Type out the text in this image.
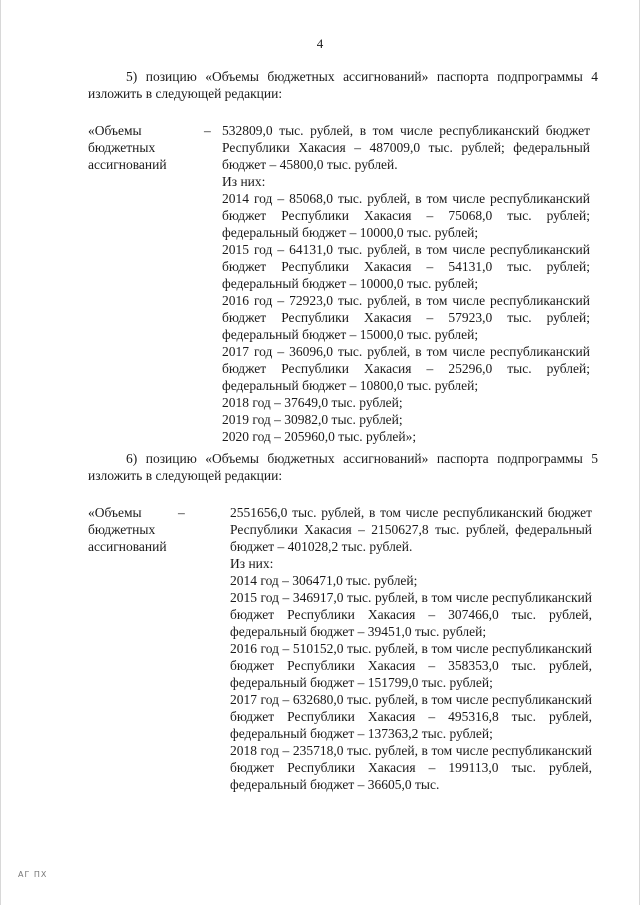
4
5) позицию «Объемы бюджетных ассигнований» паспорта подпрограммы 4 изложить в следующей редакции:
«Объемы бюджетных ассигнований
– 532809,0 тыс. рублей, в том числе республиканский бюджет Республики Хакасия – 487009,0 тыс. рублей; федеральный бюджет – 45800,0 тыс. рублей.
Из них:
2014 год – 85068,0 тыс. рублей, в том числе республиканский бюджет Республики Хакасия – 75068,0 тыс. рублей; федеральный бюджет – 10000,0 тыс. рублей;
2015 год – 64131,0 тыс. рублей, в том числе республиканский бюджет Республики Хакасия – 54131,0 тыс. рублей; федеральный бюджет – 10000,0 тыс. рублей;
2016 год – 72923,0 тыс. рублей, в том числе республиканский бюджет Республики Хакасия – 57923,0 тыс. рублей; федеральный бюджет – 15000,0 тыс. рублей;
2017 год – 36096,0 тыс. рублей, в том числе республиканский бюджет Республики Хакасия – 25296,0 тыс. рублей; федеральный бюджет – 10800,0 тыс. рублей;
2018 год – 37649,0 тыс. рублей;
2019 год – 30982,0 тыс. рублей;
2020 год – 205960,0 тыс. рублей»;
6) позицию «Объемы бюджетных ассигнований» паспорта подпрограммы 5 изложить в следующей редакции:
«Объемы бюджетных ассигнований
–	2551656,0 тыс. рублей, в том числе республиканский бюджет Республики Хакасия – 2150627,8 тыс. рублей, федеральный бюджет – 401028,2 тыс. рублей.
Из них:
2014 год – 306471,0 тыс. рублей;
2015 год – 346917,0 тыс. рублей, в том числе республиканский бюджет Республики Хакасия – 307466,0 тыс. рублей, федеральный бюджет – 39451,0 тыс. рублей;
2016 год – 510152,0 тыс. рублей, в том числе республиканский бюджет Республики Хакасия – 358353,0 тыс. рублей, федеральный бюджет – 151799,0 тыс. рублей;
2017 год – 632680,0 тыс. рублей, в том числе республиканский бюджет Республики Хакасия – 495316,8 тыс. рублей, федеральный бюджет – 137363,2 тыс. рублей;
2018 год – 235718,0 тыс. рублей, в том числе республиканский бюджет Республики Хакасия – 199113,0 тыс. рублей, федеральный бюджет – 36605,0 тыс.
АГ ПХ
